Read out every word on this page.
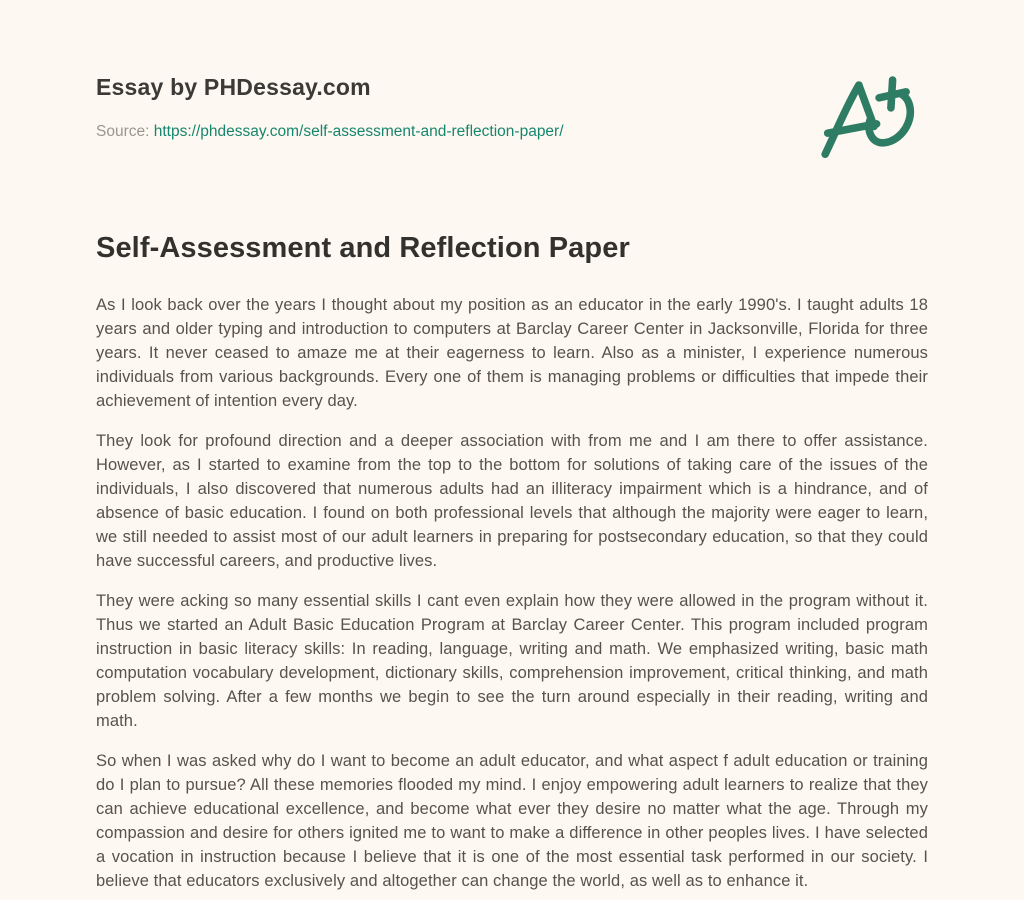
Essay by PHDessay.com
Source: https://phdessay.com/self-assessment-and-reflection-paper/
Self-Assessment and Reflection Paper

As I look back over the years I thought about my position as an educator in the early 1990's. I taught adults 18 years and older typing and introduction to computers at Barclay Career Center in Jacksonville, Florida for three years. It never ceased to amaze me at their eagerness to learn. Also as a minister, I experience numerous individuals from various backgrounds. Every one of them is managing problems or difficulties that impede their achievement of intention every day.

They look for profound direction and a deeper association with from me and I am there to offer assistance. However, as I started to examine from the top to the bottom for solutions of taking care of the issues of the individuals, I also discovered that numerous adults had an illiteracy impairment which is a hindrance, and of absence of basic education. I found on both professional levels that although the majority were eager to learn, we still needed to assist most of our adult learners in preparing for postsecondary education, so that they could have successful careers, and productive lives.

They were acking so many essential skills I cant even explain how they were allowed in the program without it. Thus we started an Adult Basic Education Program at Barclay Career Center. This program included program instruction in basic literacy skills: In reading, language, writing and math. We emphasized writing, basic math computation vocabulary development, dictionary skills, comprehension improvement, critical thinking, and math problem solving. After a few months we begin to see the turn around especially in their reading, writing and math.

So when I was asked why do I want to become an adult educator, and what aspect f adult education or training do I plan to pursue? All these memories flooded my mind. I enjoy empowering adult learners to realize that they can achieve educational excellence, and become what ever they desire no matter what the age. Through my compassion and desire for others ignited me to want to make a difference in other peoples lives. I have selected a vocation in instruction because I believe that it is one of the most essential task performed in our society. I believe that educators exclusively and altogether can change the world, as well as to enhance it.
